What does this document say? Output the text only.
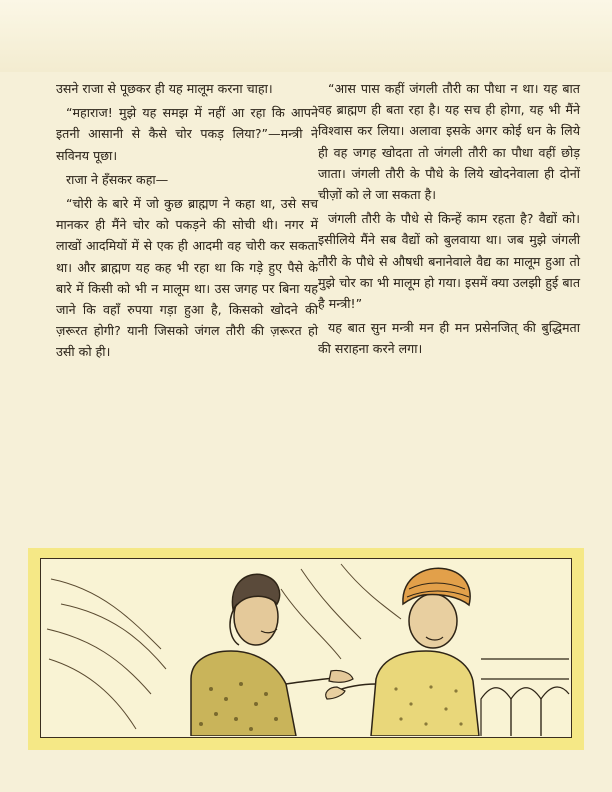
उसने राजा से पूछकर ही यह मालूम करना चाहा।

“महाराज! मुझे यह समझ में नहीं आ रहा कि आपने इतनी आसानी से कैसे चोर पकड़ लिया?”—मन्त्री ने सविनय पूछा।

राजा ने हँसकर कहा—

“चोरी के बारे में जो कुछ ब्राह्मण ने कहा था, उसे सच मानकर ही मैंने चोर को पकड़ने की सोची थी। नगर में लाखों आदमियों में से एक ही आदमी वह चोरी कर सकता था। और ब्राह्मण यह कह भी रहा था कि गड़े हुए पैसे के बारे में किसी को भी न मालूम था। उस जगह पर बिना यह जाने कि वहाँ रुपया गड़ा हुआ है, किसको खोदने की ज़रूरत होगी? यानी जिसको जंगल तौरी की ज़रूरत हो उसी को ही।

“आस पास कहीं जंगली तौरी का पौधा न था। यह बात वह ब्राह्मण ही बता रहा है। यह सच ही होगा, यह भी मैंने विश्वास कर लिया। अलावा इसके अगर कोई धन के लिये ही वह जगह खोदता तो जंगली तौरी का पौधा वहीं छोड़ जाता। जंगली तौरी के पौधे के लिये खोदनेवाला ही दोनों चीज़ों को ले जा सकता है।

जंगली तौरी के पौधे से किन्हें काम रहता है? वैद्यों को। इसीलिये मैंने सब वैद्यों को बुलवाया था। जब मुझे जंगली तौरी के पौधे से औषधी बनानेवाले वैद्य का मालूम हुआ तो मुझे चोर का भी मालूम हो गया। इसमें क्या उलझी हुई बात है मन्त्री!”

यह बात सुन मन्त्री मन ही मन प्रसेनजित् की बुद्धिमता की सराहना करने लगा।
